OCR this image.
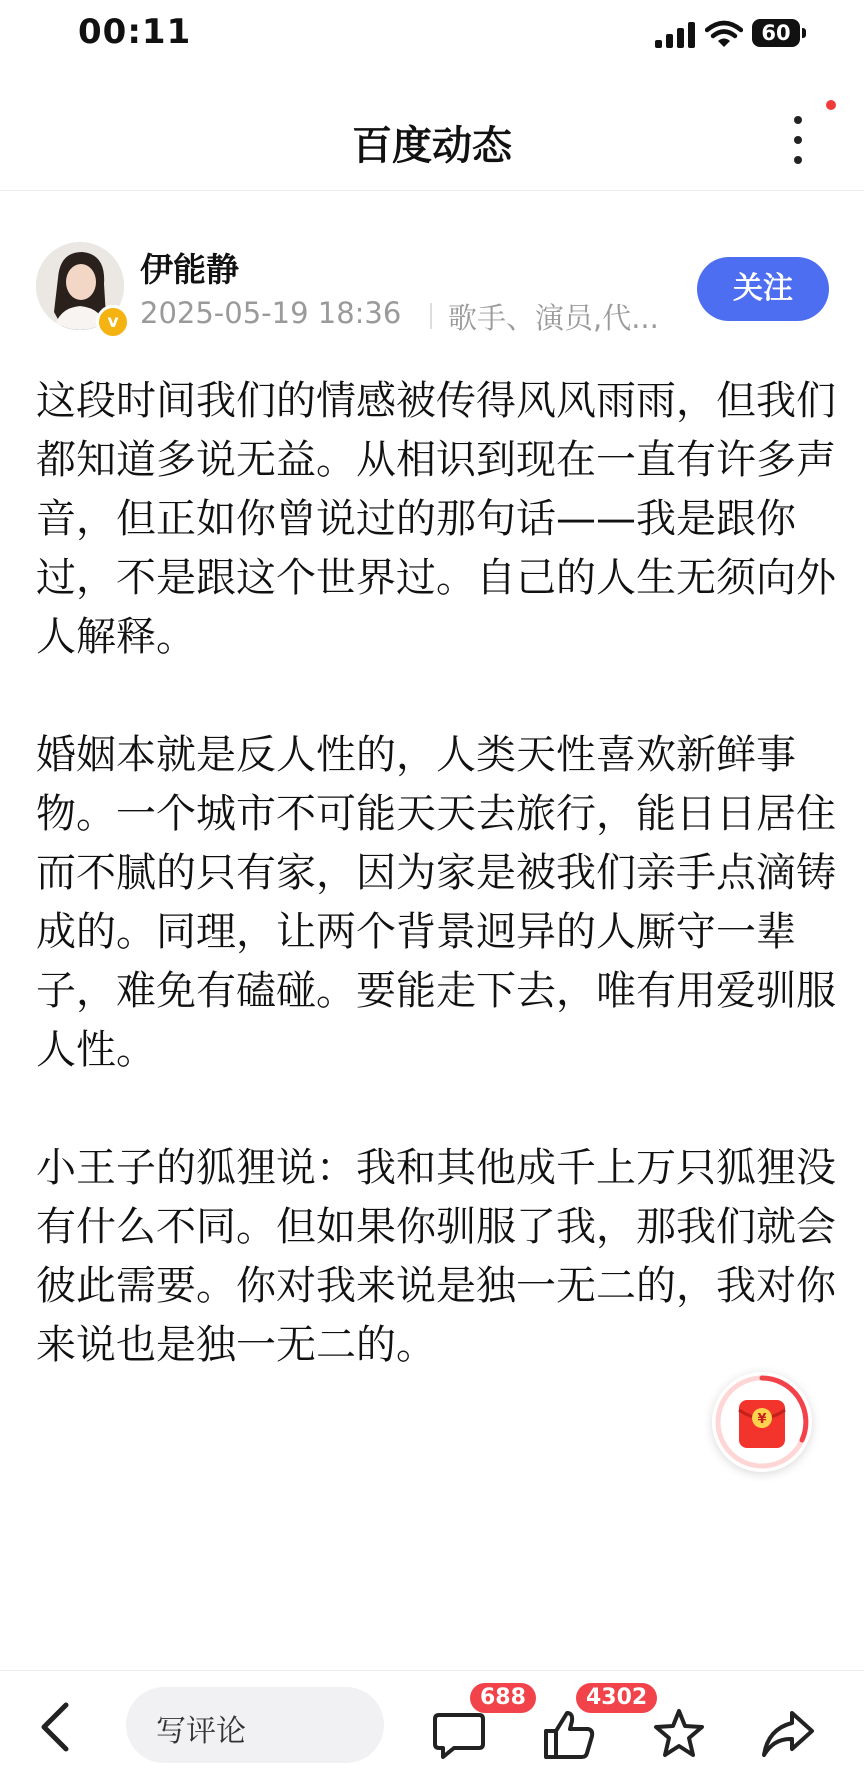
00:11	60
百度动态
v
伊能静
2025-05-19 18:36 歌手、演员,代...
关注

这段时间我们的情感被传得风风雨雨，但我们都知道多说无益。从相识到现在一直有许多声音，但正如你曾说过的那句话——我是跟你过，不是跟这个世界过。自己的人生无须向外人解释。

婚姻本就是反人性的，人类天性喜欢新鲜事物。一个城市不可能天天去旅行，能日日居住而不腻的只有家，因为家是被我们亲手点滴铸成的。同理，让两个背景迥异的人厮守一辈子，难免有磕碰。要能走下去，唯有用爱驯服人性。

小王子的狐狸说：我和其他成千上万只狐狸没有什么不同。但如果你驯服了我，那我们就会彼此需要。你对我来说是独一无二的，我对你来说也是独一无二的。

¥
写评论
688	4302
